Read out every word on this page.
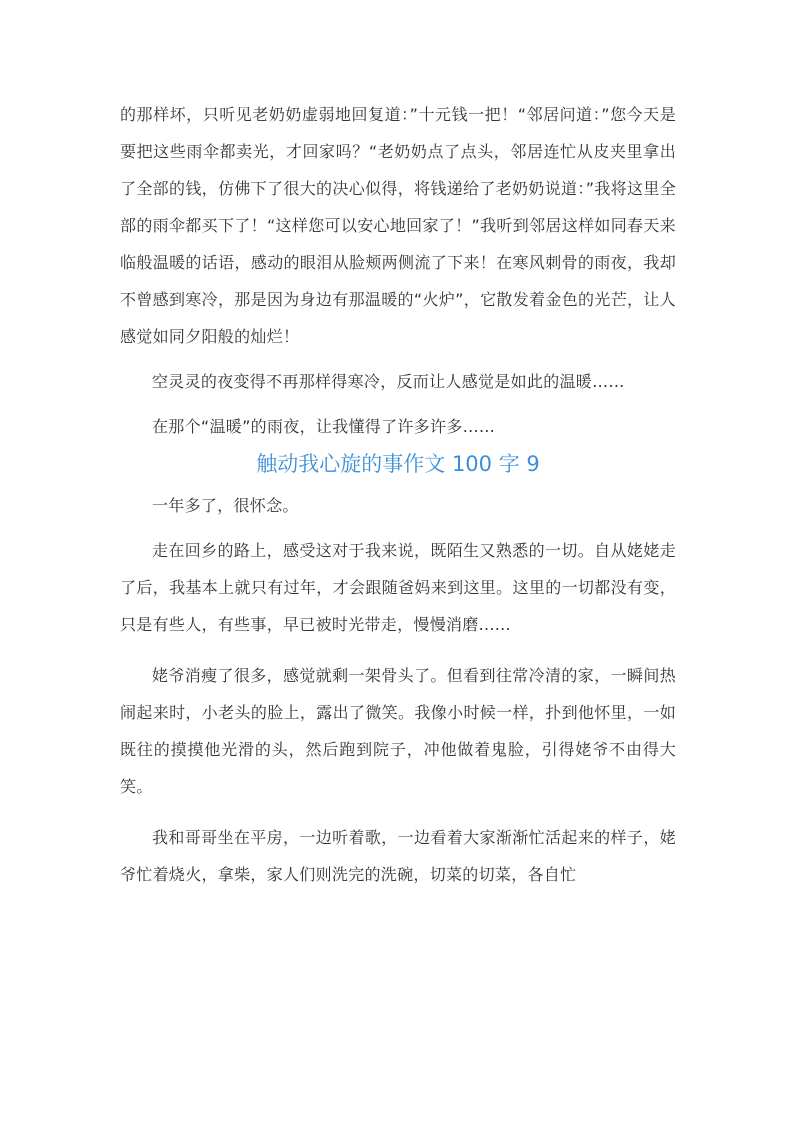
的那样坏，只听见老奶奶虚弱地回复道：”十元钱一把！“邻居问道：”您今天是要把这些雨伞都卖光，才回家吗？“老奶奶点了点头，邻居连忙从皮夹里拿出了全部的钱，仿佛下了很大的决心似得，将钱递给了老奶奶说道：”我将这里全部的雨伞都买下了！“这样您可以安心地回家了！”我听到邻居这样如同春天来临般温暖的话语，感动的眼泪从脸颊两侧流了下来！在寒风刺骨的雨夜，我却不曾感到寒冷，那是因为身边有那温暖的“火炉”，它散发着金色的光芒，让人感觉如同夕阳般的灿烂！

空灵灵的夜变得不再那样得寒冷，反而让人感觉是如此的温暖……

在那个“温暖”的雨夜，让我懂得了许多许多……

触动我心旋的事作文 100 字 9

一年多了，很怀念。

走在回乡的路上，感受这对于我来说，既陌生又熟悉的一切。自从姥姥走了后，我基本上就只有过年，才会跟随爸妈来到这里。这里的一切都没有变，只是有些人，有些事，早已被时光带走，慢慢消磨......

姥爷消瘦了很多，感觉就剩一架骨头了。但看到往常冷清的家，一瞬间热闹起来时，小老头的脸上，露出了微笑。我像小时候一样，扑到他怀里，一如既往的摸摸他光滑的头，然后跑到院子，冲他做着鬼脸，引得姥爷不由得大笑。

我和哥哥坐在平房，一边听着歌，一边看着大家渐渐忙活起来的样子，姥爷忙着烧火，拿柴，家人们则洗完的洗碗，切菜的切菜，各自忙
